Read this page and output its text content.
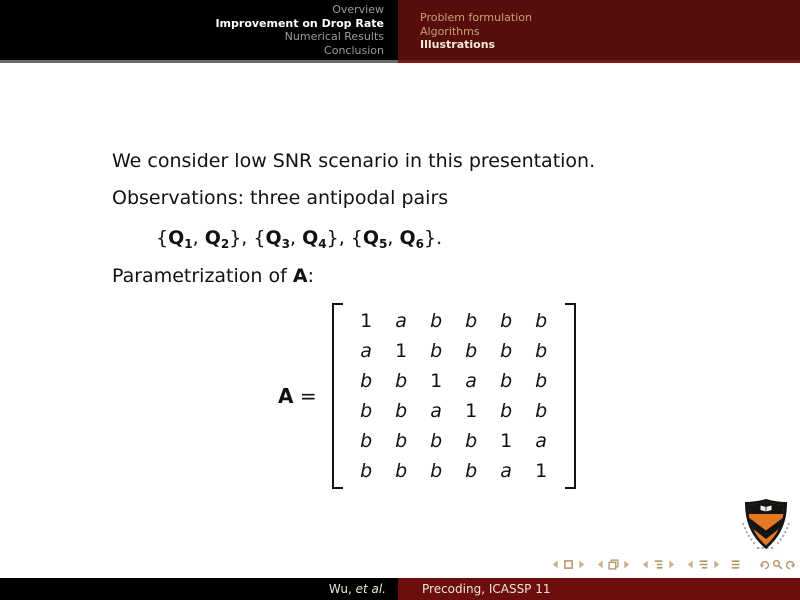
Overview
Improvement on Drop Rate
Numerical Results
Conclusion
Problem formulation
Algorithms
Illustrations
We consider low SNR scenario in this presentation.
Observations: three antipodal pairs
{$Q_1$, $Q_2$}, {$Q_3$, $Q_4$}, {$Q_5$, $Q_6$}.
Parametrization of A:
A =
1	a	b	b	b	b
a	1	b	b	b	b
b	b	1	a	b	b
b	b	a	1	b	b
b	b	b	b	1	a
b	b	b	b	a	1
Wu, et al.	Precoding, ICASSP 11
